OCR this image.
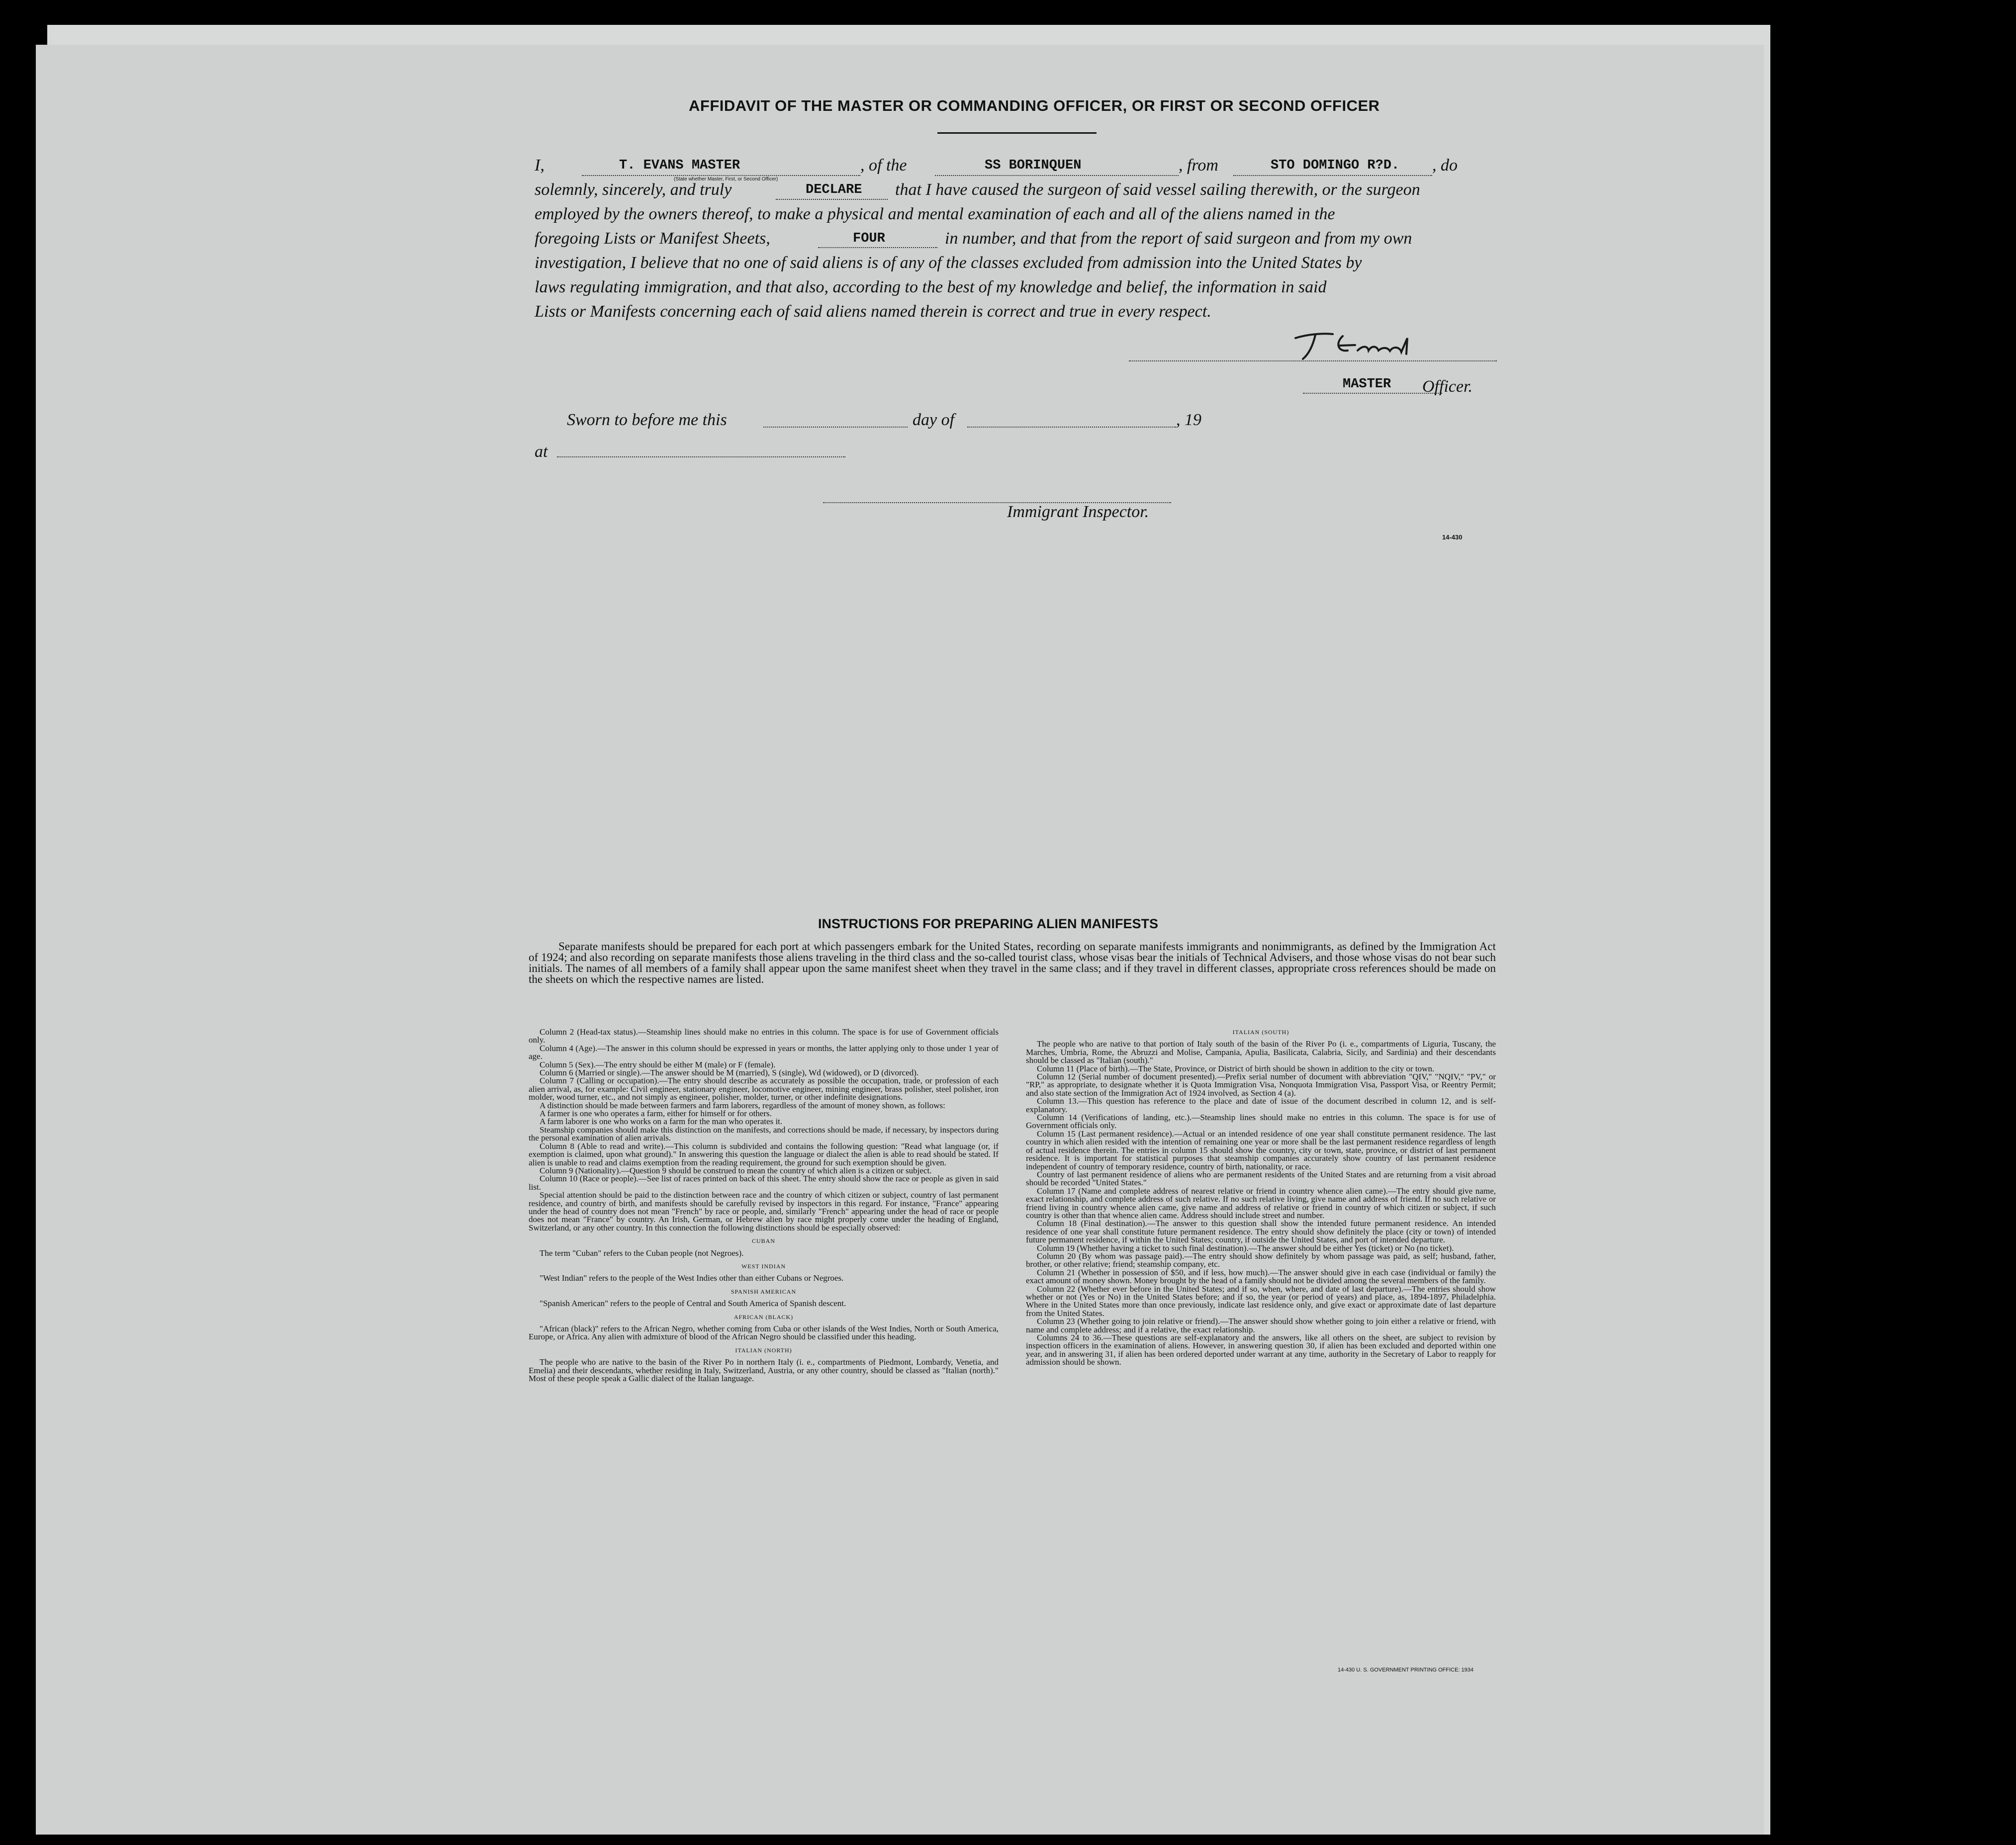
AFFIDAVIT OF THE MASTER OR COMMANDING OFFICER, OR FIRST OR SECOND OFFICER
I,	T. EVANS MASTER
(State whether Master, First, or Second Officer)
, of the	SS BORINQUEN	, from	STO DOMINGO R?D. , do
solemnly, sincerely, and truly	DECLARE that I have caused the surgeon of said vessel sailing therewith, or the surgeon
employed by the owners thereof, to make a physical and mental examination of each and all of the aliens named in the
foregoing Lists or Manifest Sheets,	FOUR	in number, and that from the report of said surgeon and from my own
investigation, I believe that no one of said aliens is of any of the classes excluded from admission into the United States by
laws regulating immigration, and that also, according to the best of my knowledge and belief, the information in said
Lists or Manifests concerning each of said aliens named therein is correct and true in every respect.
MASTER Officer.
Sworn to before me this	day of	, 19
at
Immigrant Inspector.
14-430
INSTRUCTIONS FOR PREPARING ALIEN MANIFESTS
Separate manifests should be prepared for each port at which passengers embark for the United States, recording on separate manifests immigrants and nonimmigrants, as defined by the Immigration Act of 1924; and also recording on separate manifests those aliens traveling in the third class and the so-called tourist class, whose visas bear the initials of Technical Advisers, and those whose visas do not bear such initials. The names of all members of a family shall appear upon the same manifest sheet when they travel in the same class; and if they travel in different classes, appropriate cross references should be made on the sheets on which the respective names are listed.

Column 2 (Head-tax status).—Steamship lines should make no entries in this column. The space is for use of Government officials only.

Column 4 (Age).—The answer in this column should be expressed in years or months, the latter applying only to those under 1 year of age.

Column 5 (Sex).—The entry should be either M (male) or F (female).

Column 6 (Married or single).—The answer should be M (married), S (single), Wd (widowed), or D (divorced).

Column 7 (Calling or occupation).—The entry should describe as accurately as possible the occupation, trade, or profession of each alien arrival, as, for example: Civil engineer, stationary engineer, locomotive engineer, mining engineer, brass polisher, steel polisher, iron molder, wood turner, etc., and not simply as engineer, polisher, molder, turner, or other indefinite designations.

A distinction should be made between farmers and farm laborers, regardless of the amount of money shown, as follows:

A farmer is one who operates a farm, either for himself or for others.

A farm laborer is one who works on a farm for the man who operates it.

Steamship companies should make this distinction on the manifests, and corrections should be made, if necessary, by inspectors during the personal examination of alien arrivals.

Column 8 (Able to read and write).—This column is subdivided and contains the following question: "Read what language (or, if exemption is claimed, upon what ground)." In answering this question the language or dialect the alien is able to read should be stated. If alien is unable to read and claims exemption from the reading requirement, the ground for such exemption should be given.

Column 9 (Nationality).—Question 9 should be construed to mean the country of which alien is a citizen or subject.

Column 10 (Race or people).—See list of races printed on back of this sheet. The entry should show the race or people as given in said list.

Special attention should be paid to the distinction between race and the country of which citizen or subject, country of last permanent residence, and country of birth, and manifests should be carefully revised by inspectors in this regard. For instance, "France" appearing under the head of country does not mean "French" by race or people, and, similarly "French" appearing under the head of race or people does not mean "France" by country. An Irish, German, or Hebrew alien by race might properly come under the heading of England, Switzerland, or any other country. In this connection the following distinctions should be especially observed:

CUBAN

The term "Cuban" refers to the Cuban people (not Negroes).

WEST INDIAN

"West Indian" refers to the people of the West Indies other than either Cubans or Negroes.

SPANISH AMERICAN

"Spanish American" refers to the people of Central and South America of Spanish descent.

AFRICAN (BLACK)

"African (black)" refers to the African Negro, whether coming from Cuba or other islands of the West Indies, North or South America, Europe, or Africa. Any alien with admixture of blood of the African Negro should be classified under this heading.

ITALIAN (NORTH)

The people who are native to the basin of the River Po in northern Italy (i. e., compartments of Piedmont, Lombardy, Venetia, and Emelia) and their descendants, whether residing in Italy, Switzerland, Austria, or any other country, should be classed as "Italian (north)." Most of these people speak a Gallic dialect of the Italian language.

ITALIAN (SOUTH)

The people who are native to that portion of Italy south of the basin of the River Po (i. e., compartments of Liguria, Tuscany, the Marches, Umbria, Rome, the Abruzzi and Molise, Campania, Apulia, Basilicata, Calabria, Sicily, and Sardinia) and their descendants should be classed as "Italian (south)."

Column 11 (Place of birth).—The State, Province, or District of birth should be shown in addition to the city or town.

Column 12 (Serial number of document presented).—Prefix serial number of document with abbreviation "QIV," "NQIV," "PV," or "RP," as appropriate, to designate whether it is Quota Immigration Visa, Nonquota Immigration Visa, Passport Visa, or Reentry Permit; and also state section of the Immigration Act of 1924 involved, as Section 4 (a).

Column 13.—This question has reference to the place and date of issue of the document described in column 12, and is self-explanatory.

Column 14 (Verifications of landing, etc.).—Steamship lines should make no entries in this column. The space is for use of Government officials only.

Column 15 (Last permanent residence).—Actual or an intended residence of one year shall constitute permanent residence. The last country in which alien resided with the intention of remaining one year or more shall be the last permanent residence regardless of length of actual residence therein. The entries in column 15 should show the country, city or town, state, province, or district of last permanent residence. It is important for statistical purposes that steamship companies accurately show country of last permanent residence independent of country of temporary residence, country of birth, nationality, or race.

Country of last permanent residence of aliens who are permanent residents of the United States and are returning from a visit abroad should be recorded "United States."

Column 17 (Name and complete address of nearest relative or friend in country whence alien came).—The entry should give name, exact relationship, and complete address of such relative. If no such relative living, give name and address of friend. If no such relative or friend living in country whence alien came, give name and address of relative or friend in country of which citizen or subject, if such country is other than that whence alien came. Address should include street and number.

Column 18 (Final destination).—The answer to this question shall show the intended future permanent residence. An intended residence of one year shall constitute future permanent residence. The entry should show definitely the place (city or town) of intended future permanent residence, if within the United States; country, if outside the United States, and port of intended departure.

Column 19 (Whether having a ticket to such final destination).—The answer should be either Yes (ticket) or No (no ticket).

Column 20 (By whom was passage paid).—The entry should show definitely by whom passage was paid, as self; husband, father, brother, or other relative; friend; steamship company, etc.

Column 21 (Whether in possession of $50, and if less, how much).—The answer should give in each case (individual or family) the exact amount of money shown. Money brought by the head of a family should not be divided among the several members of the family.

Column 22 (Whether ever before in the United States; and if so, when, where, and date of last departure).—The entries should show whether or not (Yes or No) in the United States before; and if so, the year (or period of years) and place, as, 1894-1897, Philadelphia. Where in the United States more than once previously, indicate last residence only, and give exact or approximate date of last departure from the United States.

Column 23 (Whether going to join relative or friend).—The answer should show whether going to join either a relative or friend, with name and complete address; and if a relative, the exact relationship.

Columns 24 to 36.—These questions are self-explanatory and the answers, like all others on the sheet, are subject to revision by inspection officers in the examination of aliens. However, in answering question 30, if alien has been excluded and deported within one year, and in answering 31, if alien has been ordered deported under warrant at any time, authority in the Secretary of Labor to reapply for admission should be shown.

14-430 U. S. GOVERNMENT PRINTING OFFICE: 1934
